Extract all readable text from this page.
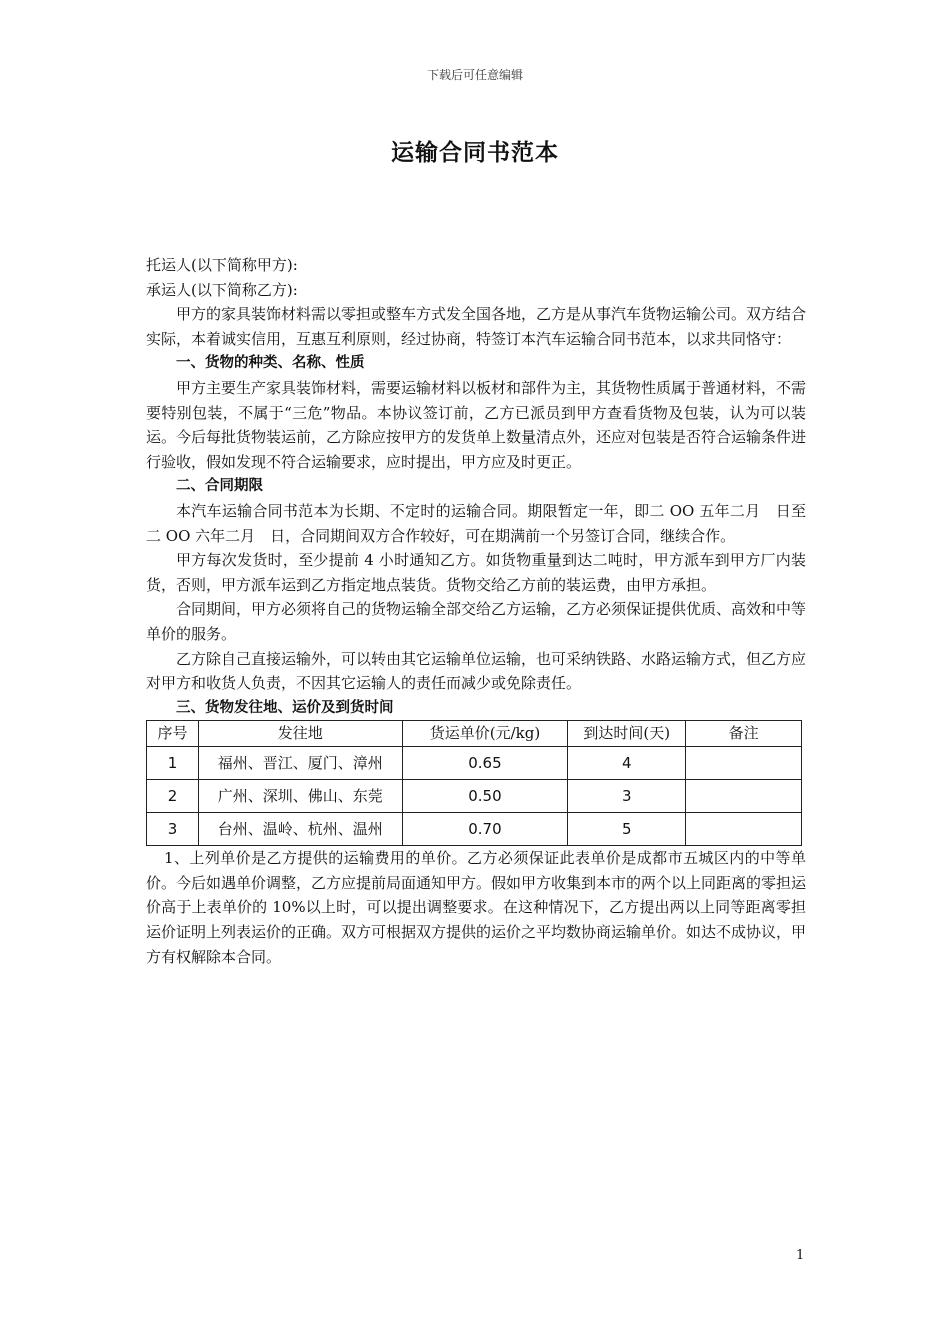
下载后可任意编辑
运输合同书范本

托运人(以下简称甲方):

承运人(以下简称乙方):

甲方的家具装饰材料需以零担或整车方式发全国各地，乙方是从事汽车货物运输公司。双方结合实际，本着诚实信用，互惠互利原则，经过协商，特签订本汽车运输合同书范本，以求共同恪守：

一、货物的种类、名称、性质

甲方主要生产家具装饰材料，需要运输材料以板材和部件为主，其货物性质属于普通材料，不需要特别包装，不属于“三危”物品。本协议签订前，乙方已派员到甲方查看货物及包装，认为可以装运。今后每批货物装运前，乙方除应按甲方的发货单上数量清点外，还应对包装是否符合运输条件进行验收，假如发现不符合运输要求，应时提出，甲方应及时更正。

二、合同期限

本汽车运输合同书范本为长期、不定时的运输合同。期限暂定一年，即二 OO 五年二月　日至二 OO 六年二月　日，合同期间双方合作较好，可在期满前一个另签订合同，继续合作。

甲方每次发货时，至少提前 4 小时通知乙方。如货物重量到达二吨时，甲方派车到甲方厂内装货，否则，甲方派车运到乙方指定地点装货。货物交给乙方前的装运费，由甲方承担。

合同期间，甲方必须将自己的货物运输全部交给乙方运输，乙方必须保证提供优质、高效和中等单价的服务。

乙方除自己直接运输外，可以转由其它运输单位运输，也可采纳铁路、水路运输方式，但乙方应对甲方和收货人负责，不因其它运输人的责任而减少或免除责任。

三、货物发往地、运价及到货时间

序号	发往地	货运单价(元/kg)	到达时间(天)	备注
1	福州、晋江、厦门、漳州	0.65	4	
2	广州、深圳、佛山、东莞	0.50	3	
3	台州、温岭、杭州、温州	0.70	5	

1、上列单价是乙方提供的运输费用的单价。乙方必须保证此表单价是成都市五城区内的中等单价。今后如遇单价调整，乙方应提前局面通知甲方。假如甲方收集到本市的两个以上同距离的零担运价高于上表单价的 10%以上时，可以提出调整要求。在这种情况下，乙方提出两以上同等距离零担运价证明上列表运价的正确。双方可根据双方提供的运价之平均数协商运输单价。如达不成协议，甲方有权解除本合同。

1
